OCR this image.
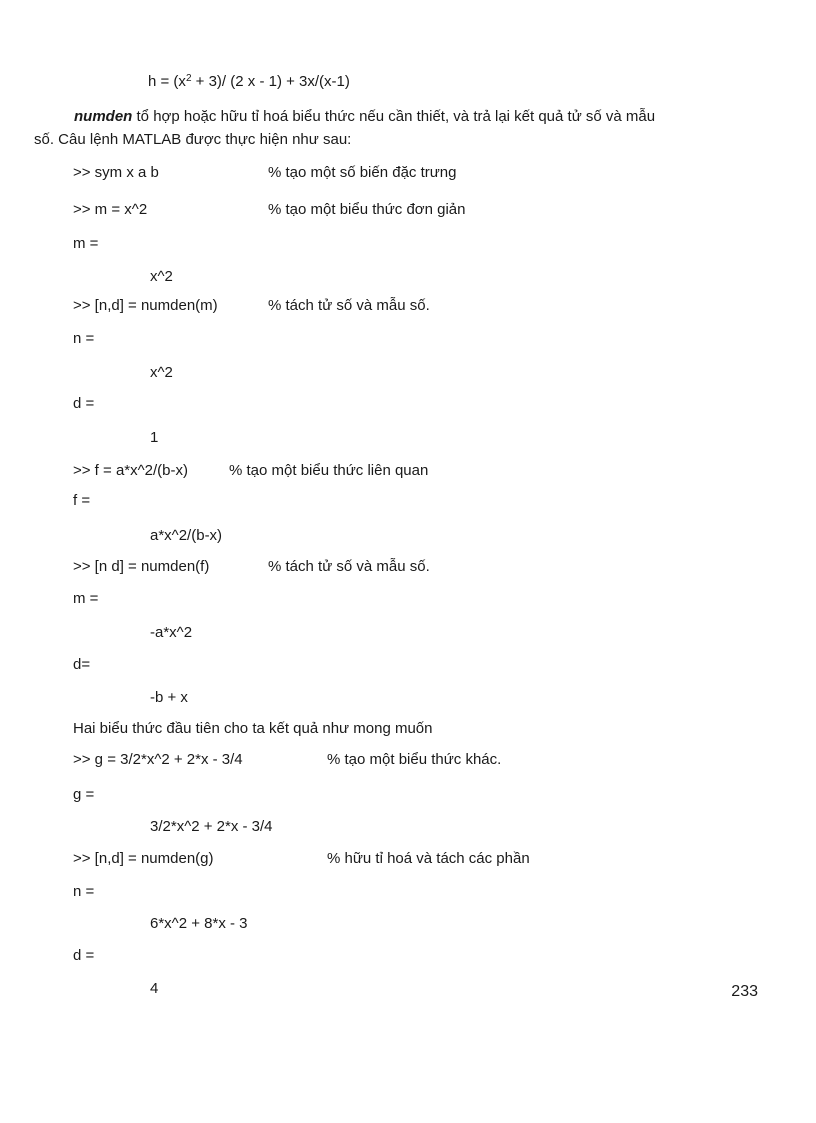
$h = (x^2 + 3)/$ (2 x - 1) + 3x/(x-1)
numden tổ hợp hoặc hữu tỉ hoá biểu thức nếu cần thiết, và trả lại kết quả tử số và mẫu
số. Câu lệnh MATLAB được thực hiện như sau:
>> sym x a b	% tạo một số biến đặc trưng
>> m = x^2	% tạo một biểu thức đơn giản
m =
x^2
>> [n,d] = numden(m)	% tách tử số và mẫu số.
n =
x^2
d =
1
>> f = a*x^2/(b-x)	% tạo một biểu thức liên quan
f =
a*x^2/(b-x)
>> [n d] = numden(f)	% tách tử số và mẫu số.
m =
-a*x^2
d=
-b + x
Hai biểu thức đầu tiên cho ta kết quả như mong muốn
>> g = 3/2*x^2 + 2*x - 3/4	% tạo một biểu thức khác.
g =
3/2*x^2 + 2*x - 3/4
>> [n,d] = numden(g)	% hữu tỉ hoá và tách các phần
n =
6*x^2 + 8*x - 3
d =
4	233
